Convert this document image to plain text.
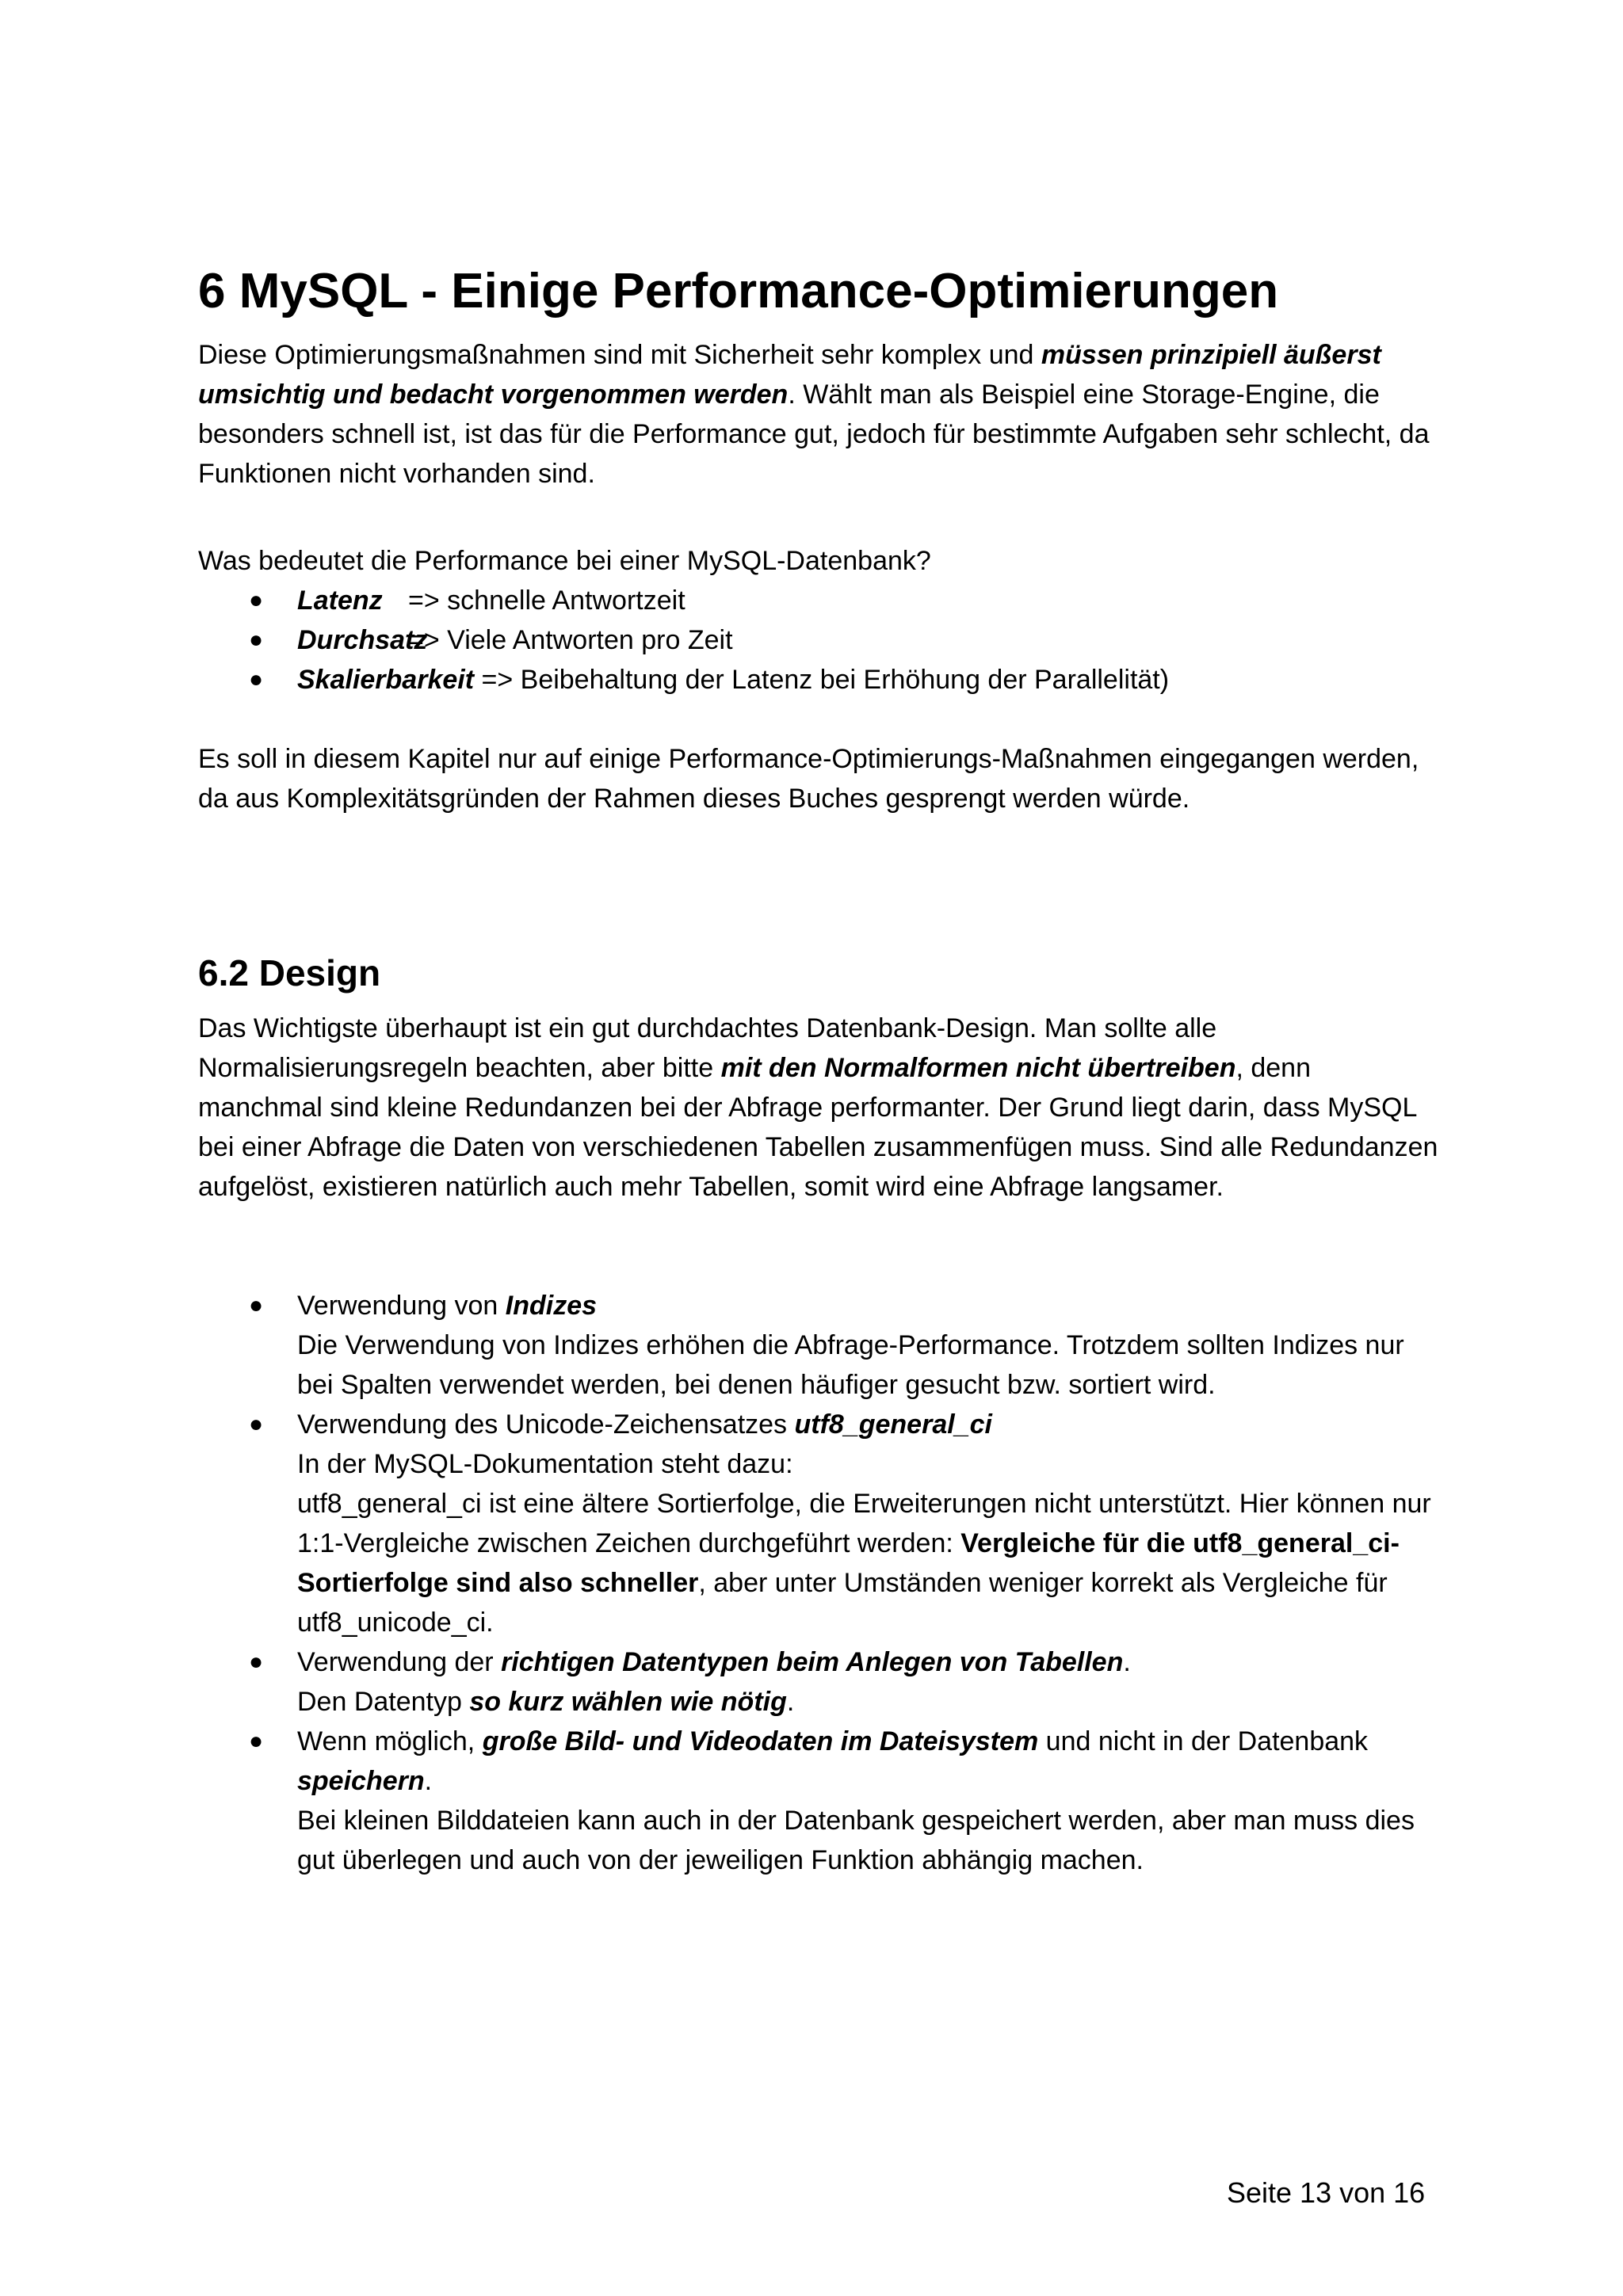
6 MySQL - Einige Performance-Optimierungen

Diese Optimierungsmaßnahmen sind mit Sicherheit sehr komplex und müssen prinzipiell äußerst umsichtig und bedacht vorgenommen werden. Wählt man als Beispiel eine Storage-Engine, die besonders schnell ist, ist das für die Performance gut, jedoch für bestimmte Aufgaben sehr schlecht, da Funktionen nicht vorhanden sind.

Was bedeutet die Performance bei einer MySQL-Datenbank?

●	Latenz => schnelle Antwortzeit
●	Durchsatz=> Viele Antworten pro Zeit
●	Skalierbarkeit => Beibehaltung der Latenz bei Erhöhung der Parallelität)

Es soll in diesem Kapitel nur auf einige Performance-Optimierungs-Maßnahmen eingegangen werden, da aus Komplexitätsgründen der Rahmen dieses Buches gesprengt werden würde.

6.2 Design

Das Wichtigste überhaupt ist ein gut durchdachtes Datenbank-Design. Man sollte alle Normalisierungsregeln beachten, aber bitte mit den Normalformen nicht übertreiben, denn manchmal sind kleine Redundanzen bei der Abfrage performanter. Der Grund liegt darin, dass MySQL bei einer Abfrage die Daten von verschiedenen Tabellen zusammenfügen muss. Sind alle Redundanzen aufgelöst, existieren natürlich auch mehr Tabellen, somit wird eine Abfrage langsamer.

●	Verwendung von Indizes
Die Verwendung von Indizes erhöhen die Abfrage-Performance. Trotzdem sollten Indizes nur bei Spalten verwendet werden, bei denen häufiger gesucht bzw. sortiert wird.
●	Verwendung des Unicode-Zeichensatzes utf8_general_ci
In der MySQL-Dokumentation steht dazu:
utf8_general_ci ist eine ältere Sortierfolge, die Erweiterungen nicht unterstützt. Hier können nur 1:1-Vergleiche zwischen Zeichen durchgeführt werden: Vergleiche für die utf8_general_ci-Sortierfolge sind also schneller, aber unter Umständen weniger korrekt als Vergleiche für utf8_unicode_ci.
●	Verwendung der richtigen Datentypen beim Anlegen von Tabellen.
Den Datentyp so kurz wählen wie nötig.
●	Wenn möglich, große Bild- und Videodaten im Dateisystem und nicht in der Datenbank speichern.
Bei kleinen Bilddateien kann auch in der Datenbank gespeichert werden, aber man muss dies gut überlegen und auch von der jeweiligen Funktion abhängig machen.
Seite 13 von 16
